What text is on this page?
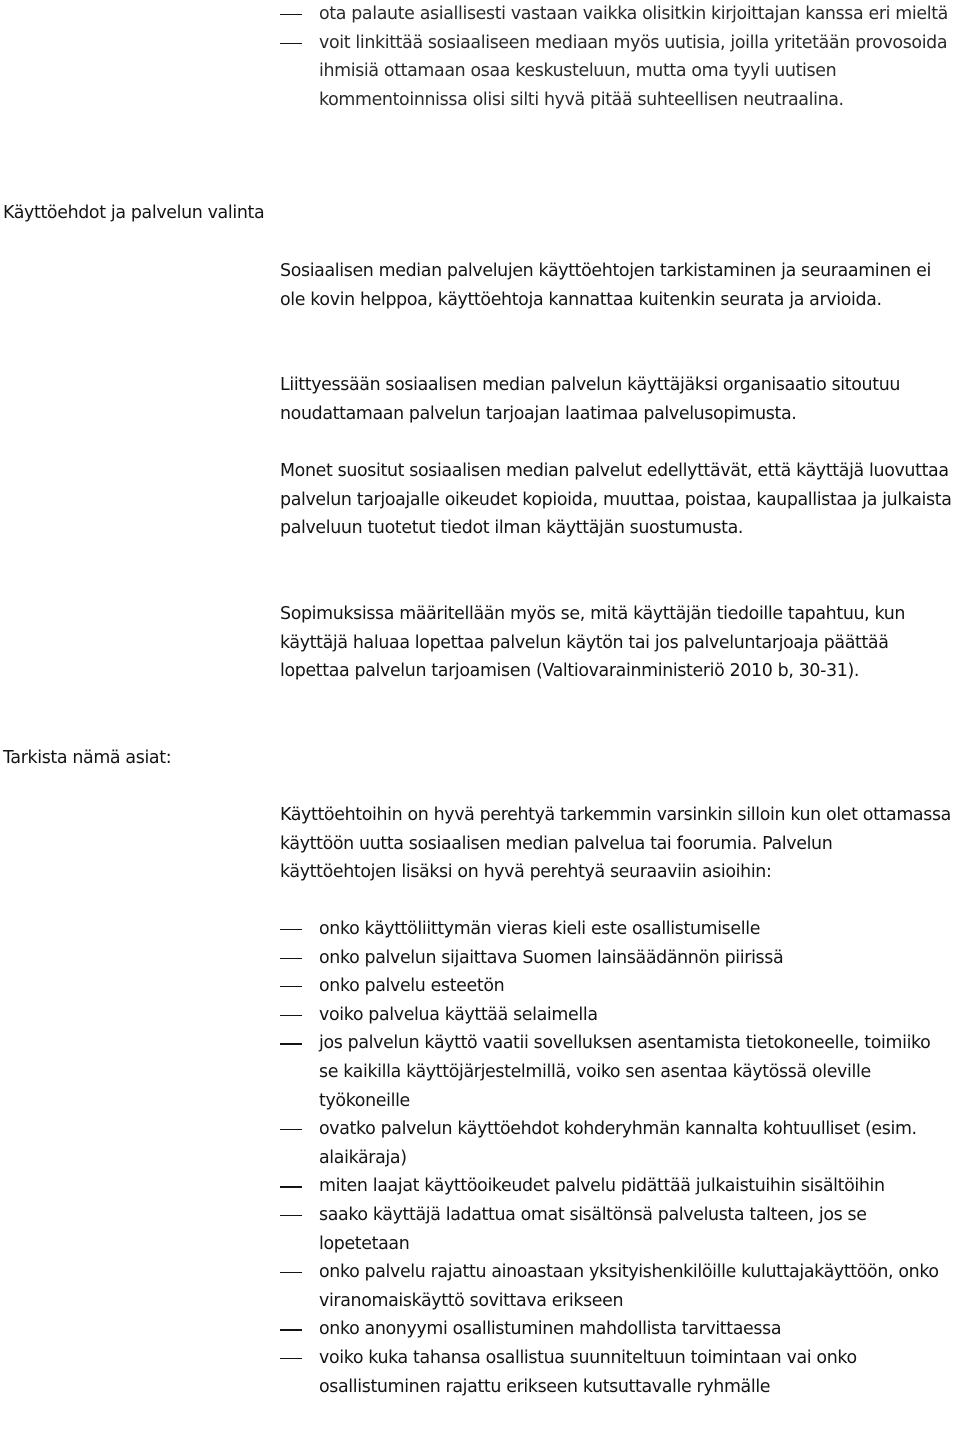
Käyttöehdot ja palvelun valinta
Tarkista nämä asiat:
ota palaute asiallisesti vastaan vaikka olisitkin kirjoittajan kanssa eri mieltä
voit linkittää sosiaaliseen mediaan myös uutisia, joilla yritetään provosoida ihmisiä ottamaan osaa keskusteluun, mutta oma tyyli uutisen kommentoinnissa olisi silti hyvä pitää suhteellisen neutraalina.

Sosiaalisen median palvelujen käyttöehtojen tarkistaminen ja seuraaminen ei ole kovin helppoa, käyttöehtoja kannattaa kuitenkin seurata ja arvioida.

Liittyessään sosiaalisen median palvelun käyttäjäksi organisaatio sitoutuu noudattamaan palvelun tarjoajan laatimaa palvelusopimusta.

Monet suositut sosiaalisen median palvelut edellyttävät, että käyttäjä luovuttaa palvelun tarjoajalle oikeudet kopioida, muuttaa, poistaa, kaupallistaa ja julkaista palveluun tuotetut tiedot ilman käyttäjän suostumusta.

Sopimuksissa määritellään myös se, mitä käyttäjän tiedoille tapahtuu, kun käyttäjä haluaa lopettaa palvelun käytön tai jos palveluntarjoaja päättää lopettaa palvelun tarjoamisen (Valtiovarainministeriö 2010 b, 30-31).

Käyttöehtoihin on hyvä perehtyä tarkemmin varsinkin silloin kun olet ottamassa käyttöön uutta sosiaalisen median palvelua tai foorumia. Palvelun käyttöehtojen lisäksi on hyvä perehtyä seuraaviin asioihin:

onko käyttöliittymän vieras kieli este osallistumiselle
onko palvelun sijaittava Suomen lainsäädännön piirissä
onko palvelu esteetön
voiko palvelua käyttää selaimella
jos palvelun käyttö vaatii sovelluksen asentamista tietokoneelle, toimiiko se kaikilla käyttöjärjestelmillä, voiko sen asentaa käytössä oleville työkoneille
ovatko palvelun käyttöehdot kohderyhmän kannalta kohtuulliset (esim. alaikäraja)
miten laajat käyttöoikeudet palvelu pidättää julkaistuihin sisältöihin
saako käyttäjä ladattua omat sisältönsä palvelusta talteen, jos se lopetetaan
onko palvelu rajattu ainoastaan yksityishenkilöille kuluttajakäyttöön, onko viranomaiskäyttö sovittava erikseen
onko anonyymi osallistuminen mahdollista tarvittaessa
voiko kuka tahansa osallistua suunniteltuun toimintaan vai onko osallistuminen rajattu erikseen kutsuttavalle ryhmälle
